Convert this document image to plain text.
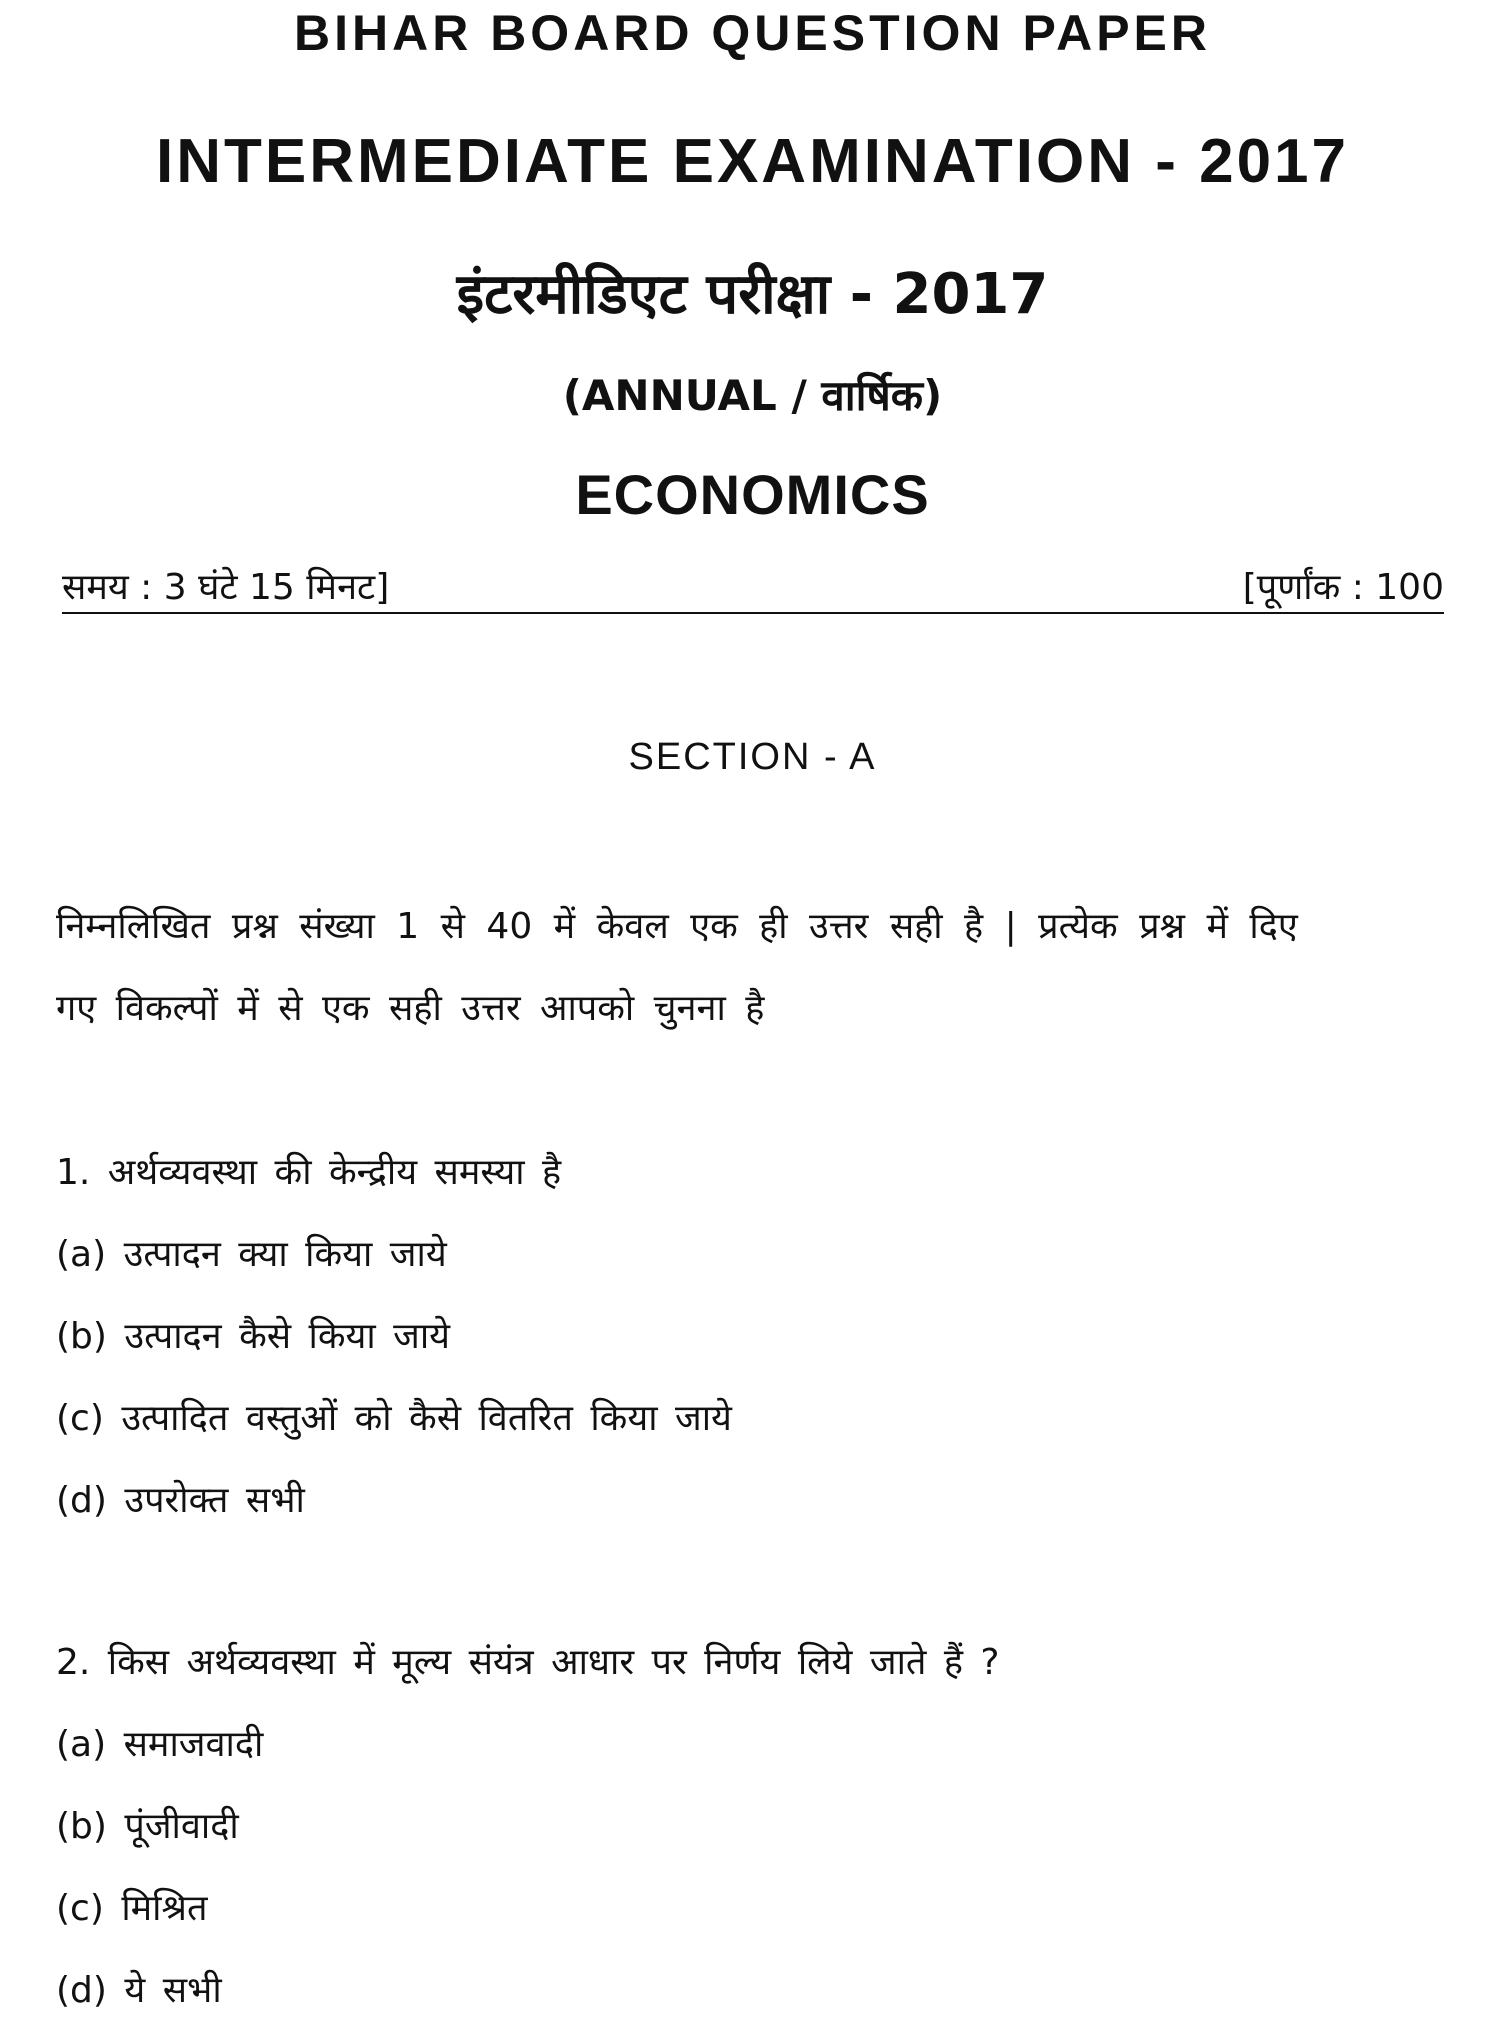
BIHAR BOARD QUESTION PAPER
INTERMEDIATE EXAMINATION - 2017
इंटरमीडिएट परीक्षा - 2017
(ANNUAL / वार्षिक)
ECONOMICS
समय : 3 घंटे 15 मिनट]	[पूर्णांक : 100
SECTION - A
निम्नलिखित प्रश्न संख्या 1 से 40 में केवल एक ही उत्तर सही है | प्रत्येक प्रश्न में दिए
गए विकल्पों में से एक सही उत्तर आपको चुनना है
1. अर्थव्यवस्था की केन्द्रीय समस्या है
(a) उत्पादन क्या किया जाये
(b) उत्पादन कैसे किया जाये
(c) उत्पादित वस्तुओं को कैसे वितरित किया जाये
(d) उपरोक्त सभी
2. किस अर्थव्यवस्था में मूल्य संयंत्र आधार पर निर्णय लिये जाते हैं ?
(a) समाजवादी
(b) पूंजीवादी
(c) मिश्रित
(d) ये सभी
